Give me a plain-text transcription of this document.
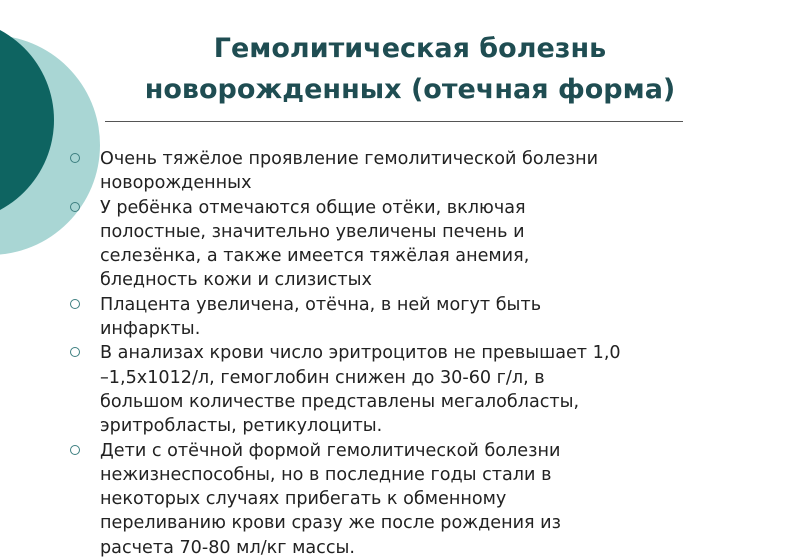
Гемолитическая болезнь
новорожденных (отечная форма)
Очень тяжёлое проявление гемолитической болезни
новорожденных
У ребёнка отмечаются общие отёки, включая
полостные, значительно увеличены печень и
селезёнка, а также имеется тяжёлая анемия,
бледность кожи и слизистых
Плацента увеличена, отёчна, в ней могут быть
инфаркты.
В анализах крови число эритроцитов не превышает 1,0
–1,5х1012/л, гемоглобин снижен до 30-60 г/л, в
большом количестве представлены мегалобласты,
эритробласты, ретикулоциты.
Дети с отёчной формой гемолитической болезни
нежизнеспособны, но в последние годы стали в
некоторых случаях прибегать к обменному
переливанию крови сразу же после рождения из
расчета 70-80 мл/кг массы.
